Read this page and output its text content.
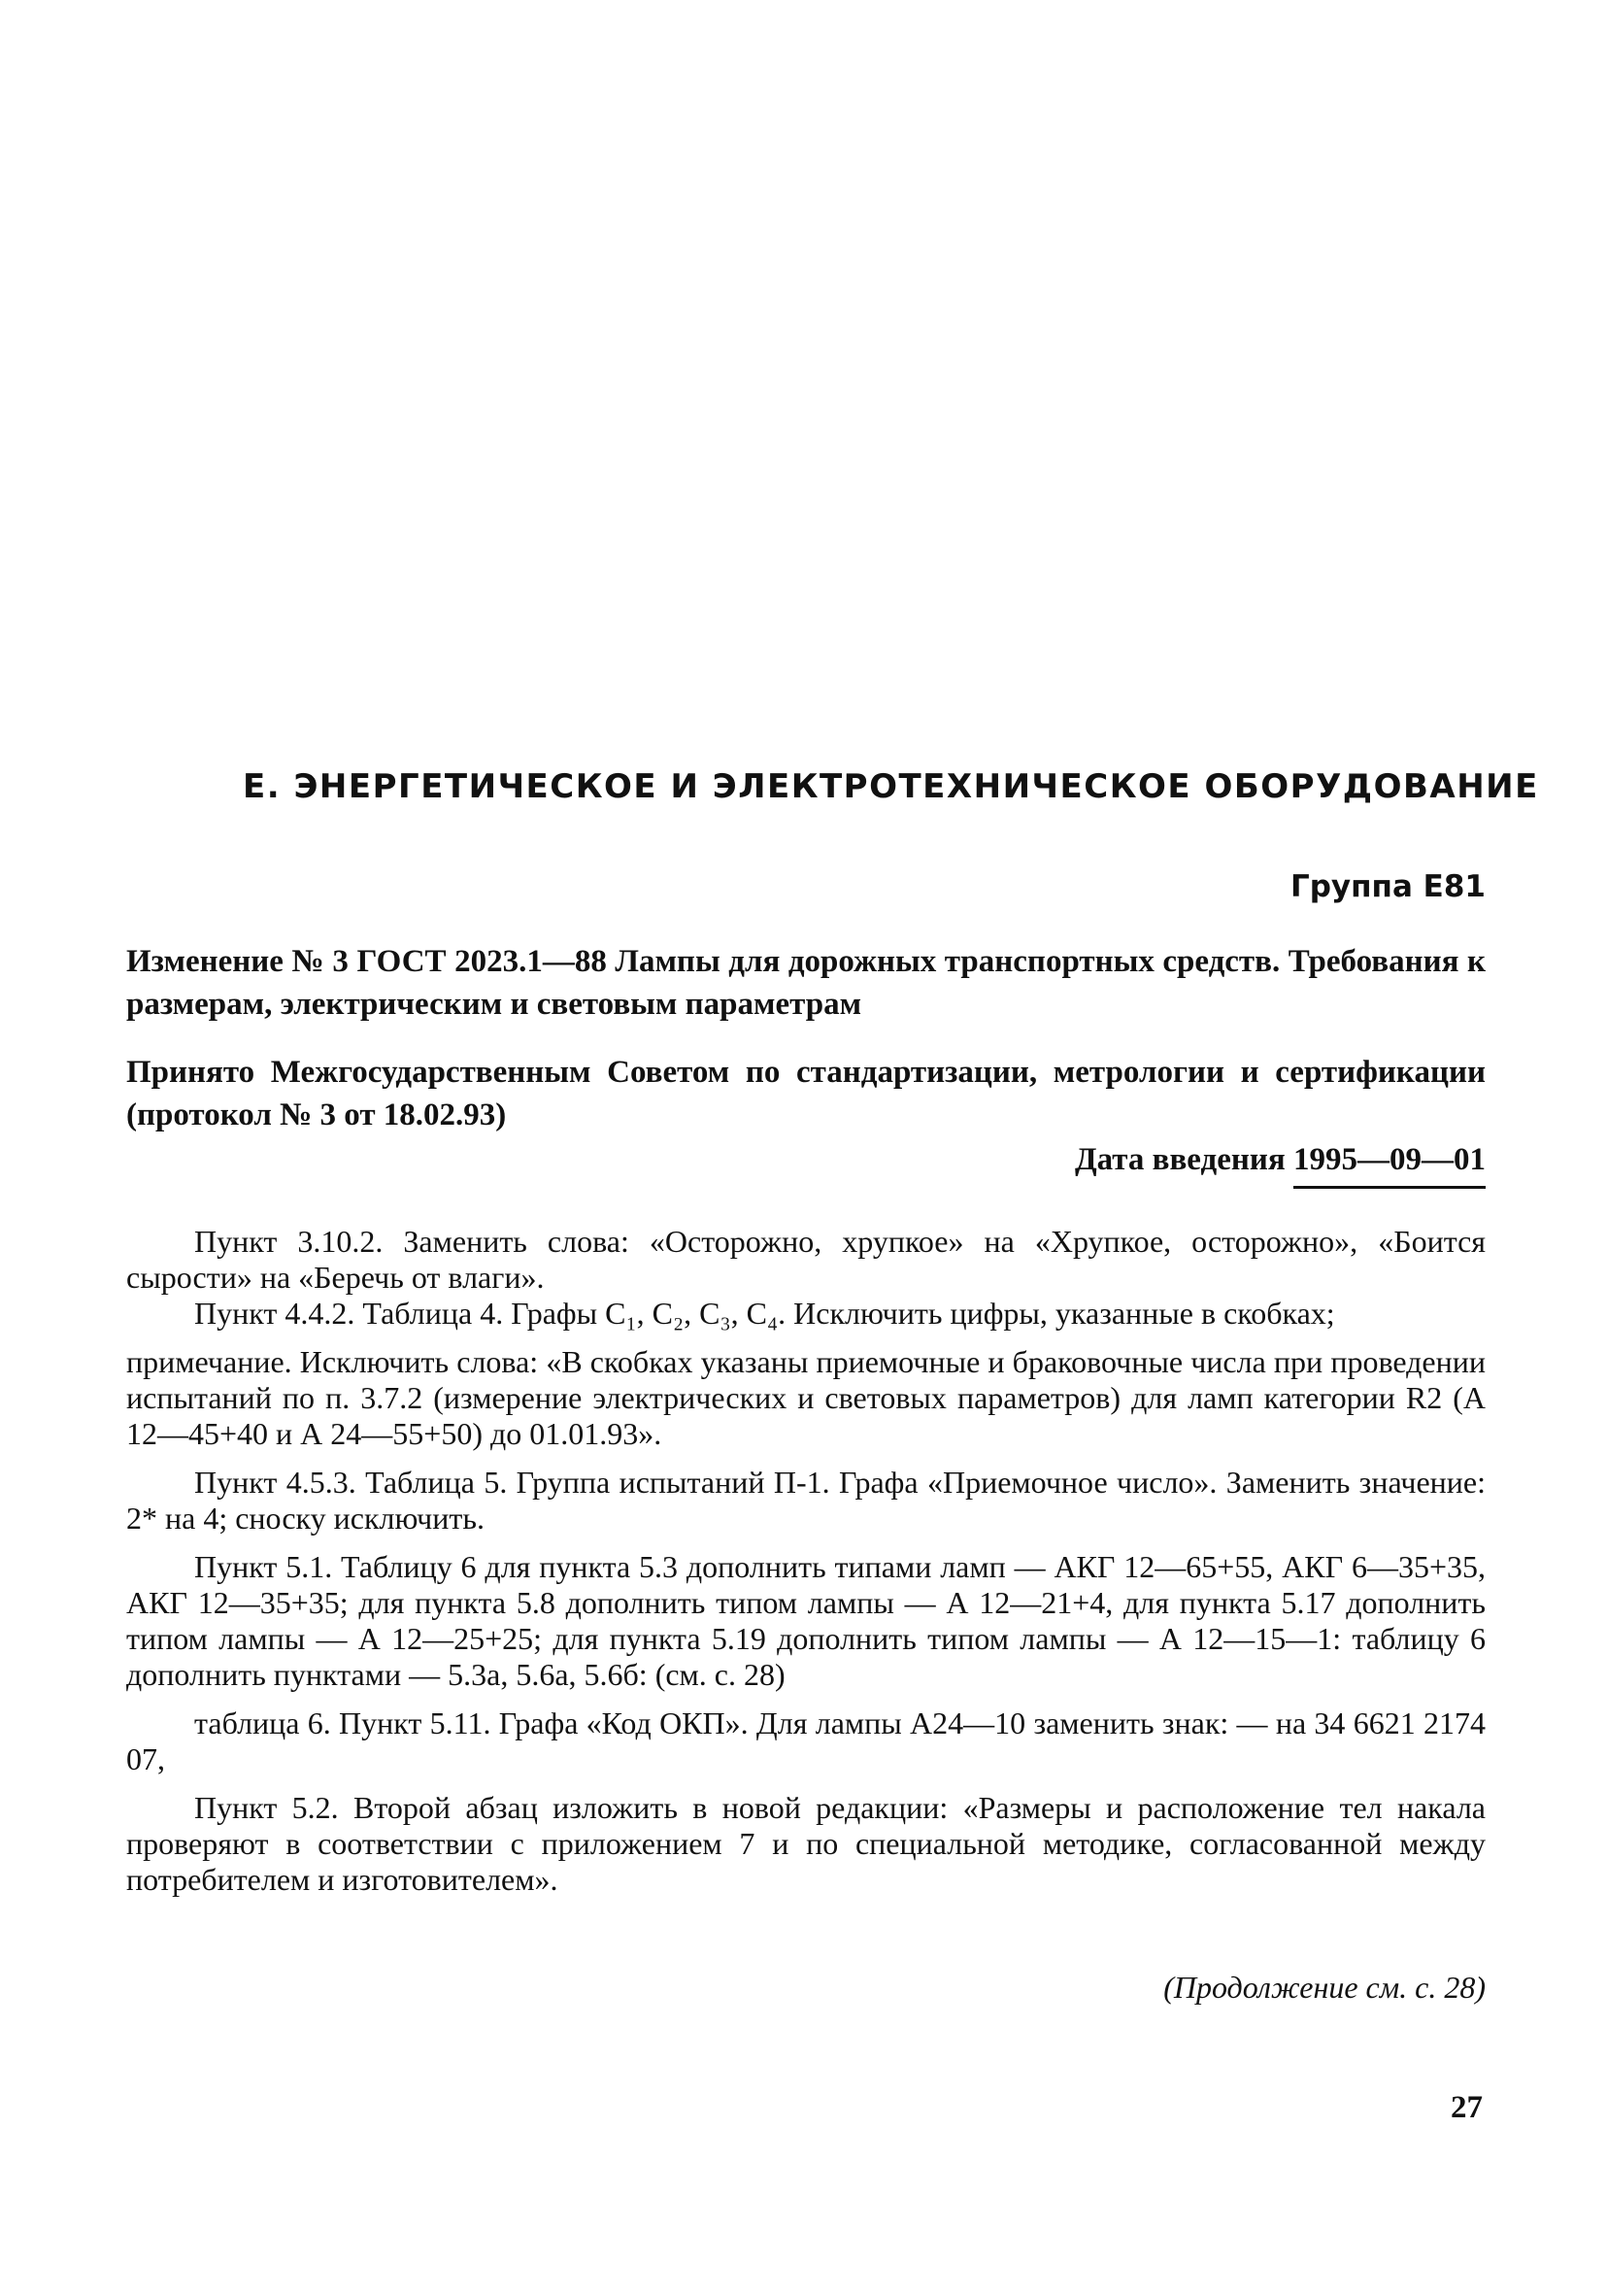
Е. ЭНЕРГЕТИЧЕСКОЕ И ЭЛЕКТРОТЕХНИЧЕСКОЕ ОБОРУДОВАНИЕ
Группа Е81
Изменение № 3 ГОСТ 2023.1—88 Лампы для дорожных транспортных средств. Требования к размерам, электрическим и световым параметрам
Принято Межгосударственным Советом по стандартизации, метрологии и сертификации (протокол № 3 от 18.02.93)
Дата введения 1995—09—01

Пункт 3.10.2. Заменить слова: «Осторожно, хрупкое» на «Хрупкое, осторожно», «Боится сырости» на «Беречь от влаги».

Пункт 4.4.2. Таблица 4. Графы C₁, C₂, C₃, C₄. Исключить цифры, указанные в скобках;

примечание. Исключить слова: «В скобках указаны приемочные и браковочные числа при проведении испытаний по п. 3.7.2 (измерение электрических и световых параметров) для ламп категории R2 (А 12—45+40 и А 24—55+50) до 01.01.93».

Пункт 4.5.3. Таблица 5. Группа испытаний П-1. Графа «Приемочное число». Заменить значение: 2* на 4; сноску исключить.

Пункт 5.1. Таблицу 6 для пункта 5.3 дополнить типами ламп — АКГ 12—65+55, АКГ 6—35+35, АКГ 12—35+35; для пункта 5.8 дополнить типом лампы — А 12—21+4, для пункта 5.17 дополнить типом лампы — А 12—25+25; для пункта 5.19 дополнить типом лампы — А 12—15—1: таблицу 6 дополнить пунктами — 5.3а, 5.6а, 5.6б: (см. с. 28)

таблица 6. Пункт 5.11. Графа «Код ОКП». Для лампы А24—10 заменить знак: — на 34 6621 2174 07,

Пункт 5.2. Второй абзац изложить в новой редакции: «Размеры и расположение тел накала проверяют в соответствии с приложением 7 и по специальной методике, согласованной между потребителем и изготовителем».

(Продолжение см. с. 28)
27
